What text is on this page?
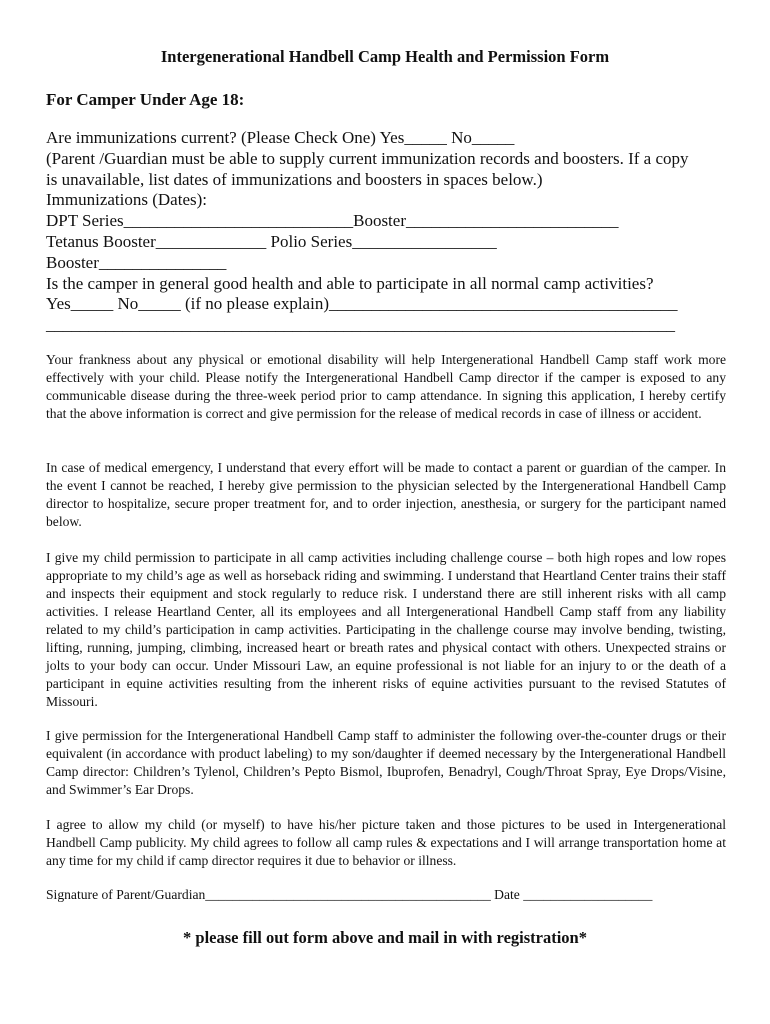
Intergenerational Handbell Camp Health and Permission Form
For Camper Under Age 18:
Are immunizations current? (Please Check One) Yes_____ No_____
(Parent /Guardian must be able to supply current immunization records and boosters. If a copy
is unavailable, list dates of immunizations and boosters in spaces below.)
Immunizations (Dates):
DPT Series___________________________Booster_________________________
Tetanus Booster_____________ Polio Series_________________
Booster_______________
Is the camper in general good health and able to participate in all normal camp activities?
Yes_____ No_____ (if no please explain)_________________________________________
__________________________________________________________________________
Your frankness about any physical or emotional disability will help Intergenerational Handbell Camp staff work more effectively with your child. Please notify the Intergenerational Handbell Camp director if the camper is exposed to any communicable disease during the three-week period prior to camp attendance. In signing this application, I hereby certify that the above information is correct and give permission for the release of medical records in case of illness or accident.
In case of medical emergency, I understand that every effort will be made to contact a parent or guardian of the camper. In the event I cannot be reached, I hereby give permission to the physician selected by the Intergenerational Handbell Camp director to hospitalize, secure proper treatment for, and to order injection, anesthesia, or surgery for the participant named below.
I give my child permission to participate in all camp activities including challenge course – both high ropes and low ropes appropriate to my child’s age as well as horseback riding and swimming. I understand that Heartland Center trains their staff and inspects their equipment and stock regularly to reduce risk. I understand there are still inherent risks with all camp activities. I release Heartland Center, all its employees and all Intergenerational Handbell Camp staff from any liability related to my child’s participation in camp activities. Participating in the challenge course may involve bending, twisting, lifting, running, jumping, climbing, increased heart or breath rates and physical contact with others. Unexpected strains or jolts to your body can occur. Under Missouri Law, an equine professional is not liable for an injury to or the death of a participant in equine activities resulting from the inherent risks of equine activities pursuant to the revised Statutes of Missouri.
I give permission for the Intergenerational Handbell Camp staff to administer the following over-the-counter drugs or their equivalent (in accordance with product labeling) to my son/daughter if deemed necessary by the Intergenerational Handbell Camp director: Children’s Tylenol, Children’s Pepto Bismol, Ibuprofen, Benadryl, Cough/Throat Spray, Eye Drops/Visine, and Swimmer’s Ear Drops.
I agree to allow my child (or myself) to have his/her picture taken and those pictures to be used in Intergenerational Handbell Camp publicity. My child agrees to follow all camp rules & expectations and I will arrange transportation home at any time for my child if camp director requires it due to behavior or illness.
Signature of Parent/Guardian__________________________________________ Date ___________________
* please fill out form above and mail in with registration*
